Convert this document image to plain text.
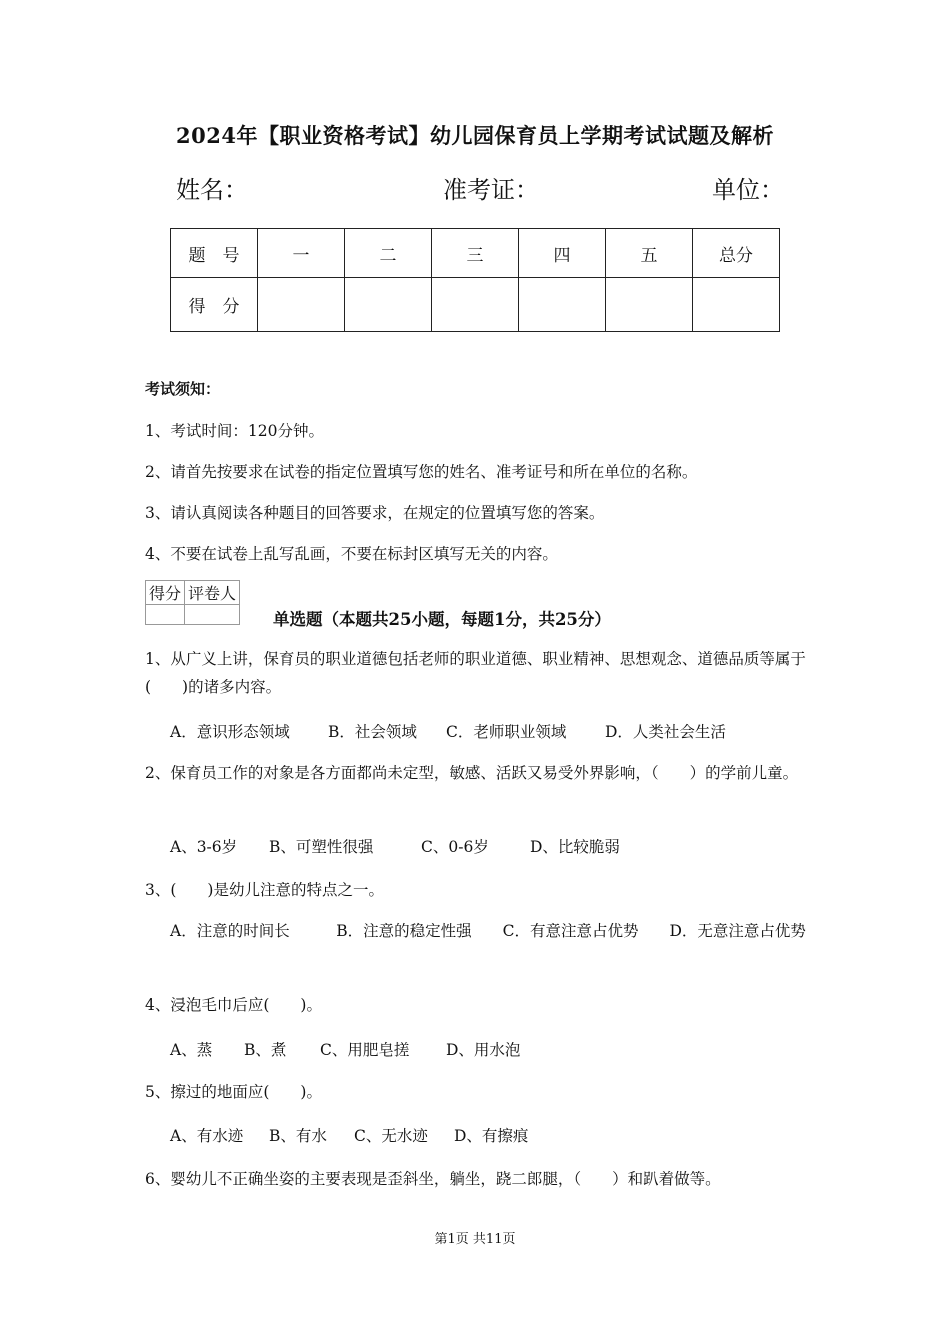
2024年【职业资格考试】幼儿园保育员上学期考试试题及解析
姓名：	准考证：	单位：
题　号	一	二	三	四	五	总分
得　分						
考试须知：
1、考试时间：120分钟。
2、请首先按要求在试卷的指定位置填写您的姓名、准考证号和所在单位的名称。
3、请认真阅读各种题目的回答要求，在规定的位置填写您的答案。
4、不要在试卷上乱写乱画，不要在标封区填写无关的内容。
得分	评卷人

单选题（本题共25小题，每题1分，共25分）
1、从广义上讲，保育员的职业道德包括老师的职业道德、职业精神、思想观念、道德品质等属于(　　)的诸多内容。
A．意识形态领域 B．社会领域 C．老师职业领域 D．人类社会生活
2、保育员工作的对象是各方面都尚未定型，敏感、活跃又易受外界影响，（　　）的学前儿童。
A、3-6岁 B、可塑性很强	C、0-6岁	D、比较脆弱
3、(　　)是幼儿注意的特点之一。
A．注意的时间长　　　B．注意的稳定性强　　C．有意注意占优势　　D．无意注意占优势
4、浸泡毛巾后应(　　)。
A、蒸 B、煮 C、用肥皂搓 D、用水泡
5、擦过的地面应(　　)。
A、有水迹 B、有水 C、无水迹 D、有擦痕
6、婴幼儿不正确坐姿的主要表现是歪斜坐，躺坐，跷二郎腿，（　　）和趴着做等。
第1页 共11页
